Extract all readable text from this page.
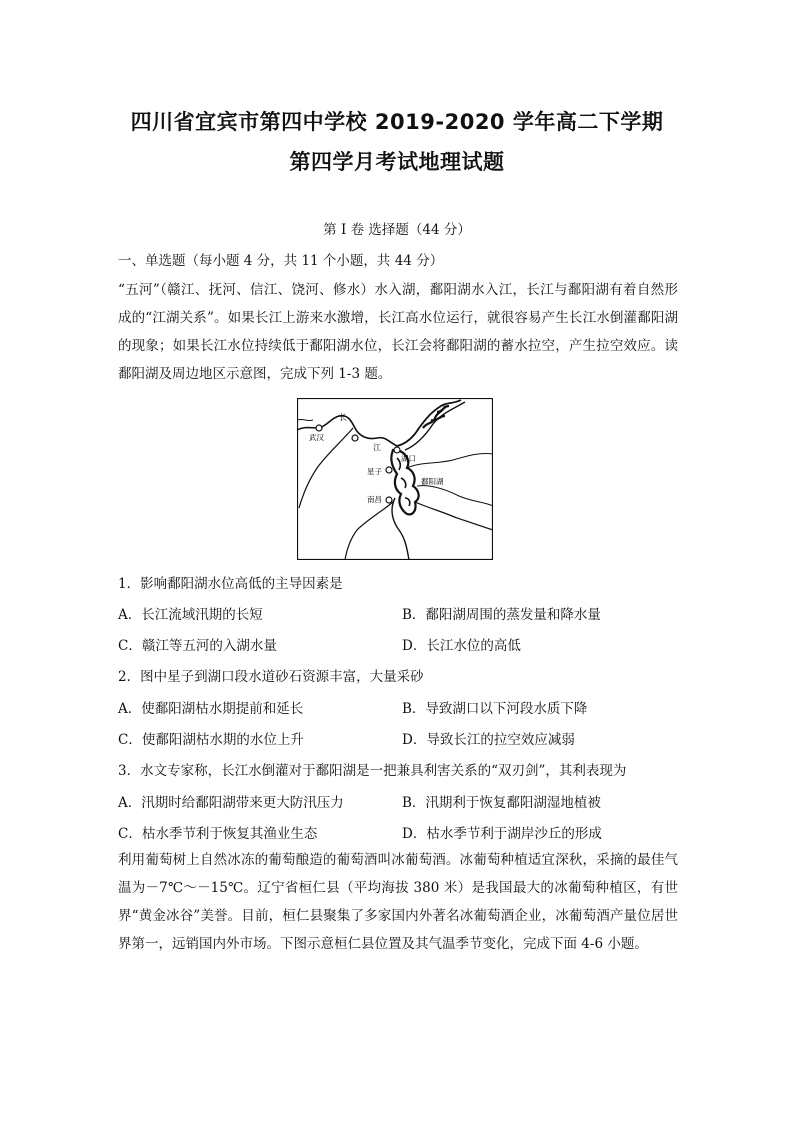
四川省宜宾市第四中学校 2019-2020 学年高二下学期
第四学月考试地理试题
第 I 卷 选择题（44 分）
一、单选题（每小题 4 分，共 11 个小题，共 44 分）
“五河”（赣江、抚河、信江、饶河、修水）水入湖，鄱阳湖水入江，长江与鄱阳湖有着自然形成的“江湖关系”。如果长江上游来水激增，长江高水位运行，就很容易产生长江水倒灌鄱阳湖的现象；如果长江水位持续低于鄱阳湖水位，长江会将鄱阳湖的蓄水拉空，产生拉空效应。读鄱阳湖及周边地区示意图，完成下列 1-3 题。
长
武汉
江
湖口
星子
鄱阳湖
南昌
1．影响鄱阳湖水位高低的主导因素是
A．长江流域汛期的长短	B．鄱阳湖周围的蒸发量和降水量
C．赣江等五河的入湖水量	D．长江水位的高低
2．图中星子到湖口段水道砂石资源丰富，大量采砂
A．使鄱阳湖枯水期提前和延长	B．导致湖口以下河段水质下降
C．使鄱阳湖枯水期的水位上升	D．导致长江的拉空效应减弱
3．水文专家称，长江水倒灌对于鄱阳湖是一把兼具利害关系的“双刃剑”，其利表现为
A．汛期时给鄱阳湖带来更大防汛压力	B．汛期利于恢复鄱阳湖湿地植被
C．枯水季节利于恢复其渔业生态	D．枯水季节利于湖岸沙丘的形成
利用葡萄树上自然冰冻的葡萄酿造的葡萄酒叫冰葡萄酒。冰葡萄种植适宜深秋，采摘的最佳气温为－7℃～－15℃。辽宁省桓仁县（平均海拔 380 米）是我国最大的冰葡萄种植区，有世界“黄金冰谷”美誉。目前，桓仁县聚集了多家国内外著名冰葡萄酒企业，冰葡萄酒产量位居世界第一，远销国内外市场。下图示意桓仁县位置及其气温季节变化，完成下面 4-6 小题。
